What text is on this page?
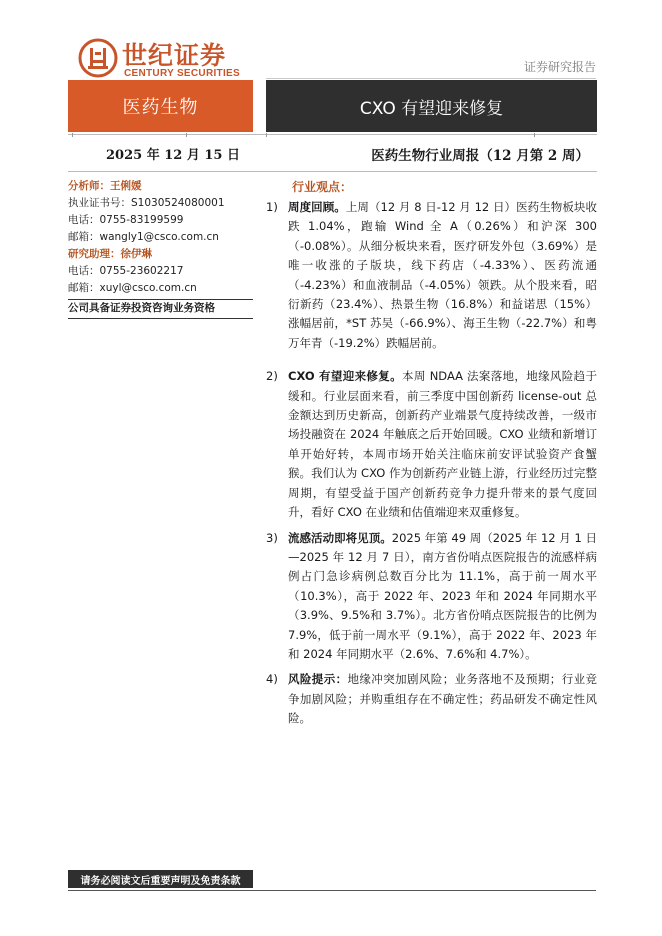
世纪证券
CENTURY SECURITIES	证券研究报告
医药生物	CXO 有望迎来修复
2025 年 12 月 15 日	医药生物行业周报（12 月第 2 周）
分析师：王俐媛
执业证书号：S1030524080001
电话：0755-83199599
邮箱：wangly1@csco.com.cn
研究助理：徐伊琳
电话：0755-23602217
邮箱：xuyl@csco.com.cn
公司具备证券投资咨询业务资格
行业观点：
1) 周度回顾。上周（12 月 8 日-12 月 12 日）医药生物板块收跌 1.04%，跑输 Wind 全 A（0.26%）和沪深 300（-0.08%）。从细分板块来看，医疗研发外包（3.69%）是唯一收涨的子版块，线下药店（-4.33%）、医药流通（-4.23%）和血液制品（-4.05%）领跌。从个股来看，昭衍新药（23.4%）、热景生物（16.8%）和益诺思（15%）涨幅居前，*ST 苏吴（-66.9%）、海王生物（-22.7%）和粤万年青（-19.2%）跌幅居前。
2) CXO 有望迎来修复。本周 NDAA 法案落地，地缘风险趋于缓和。行业层面来看，前三季度中国创新药 license-out 总金额达到历史新高，创新药产业端景气度持续改善，一级市场投融资在 2024 年触底之后开始回暖。CXO 业绩和新增订单开始好转，本周市场开始关注临床前安评试验资产食蟹猴。我们认为 CXO 作为创新药产业链上游，行业经历过完整周期，有望受益于国产创新药竞争力提升带来的景气度回升，看好 CXO 在业绩和估值端迎来双重修复。
3) 流感活动即将见顶。2025 年第 49 周（2025 年 12 月 1 日—2025 年 12 月 7 日），南方省份哨点医院报告的流感样病例占门急诊病例总数百分比为 11.1%，高于前一周水平（10.3%），高于 2022 年、2023 年和 2024 年同期水平（3.9%、9.5%和 3.7%）。北方省份哨点医院报告的比例为 7.9%，低于前一周水平（9.1%），高于 2022 年、2023 年和 2024 年同期水平（2.6%、7.6%和 4.7%）。
4) 风险提示：地缘冲突加剧风险；业务落地不及预期；行业竞争加剧风险；并购重组存在不确定性；药品研发不确定性风险。
请务必阅读文后重要声明及免责条款
